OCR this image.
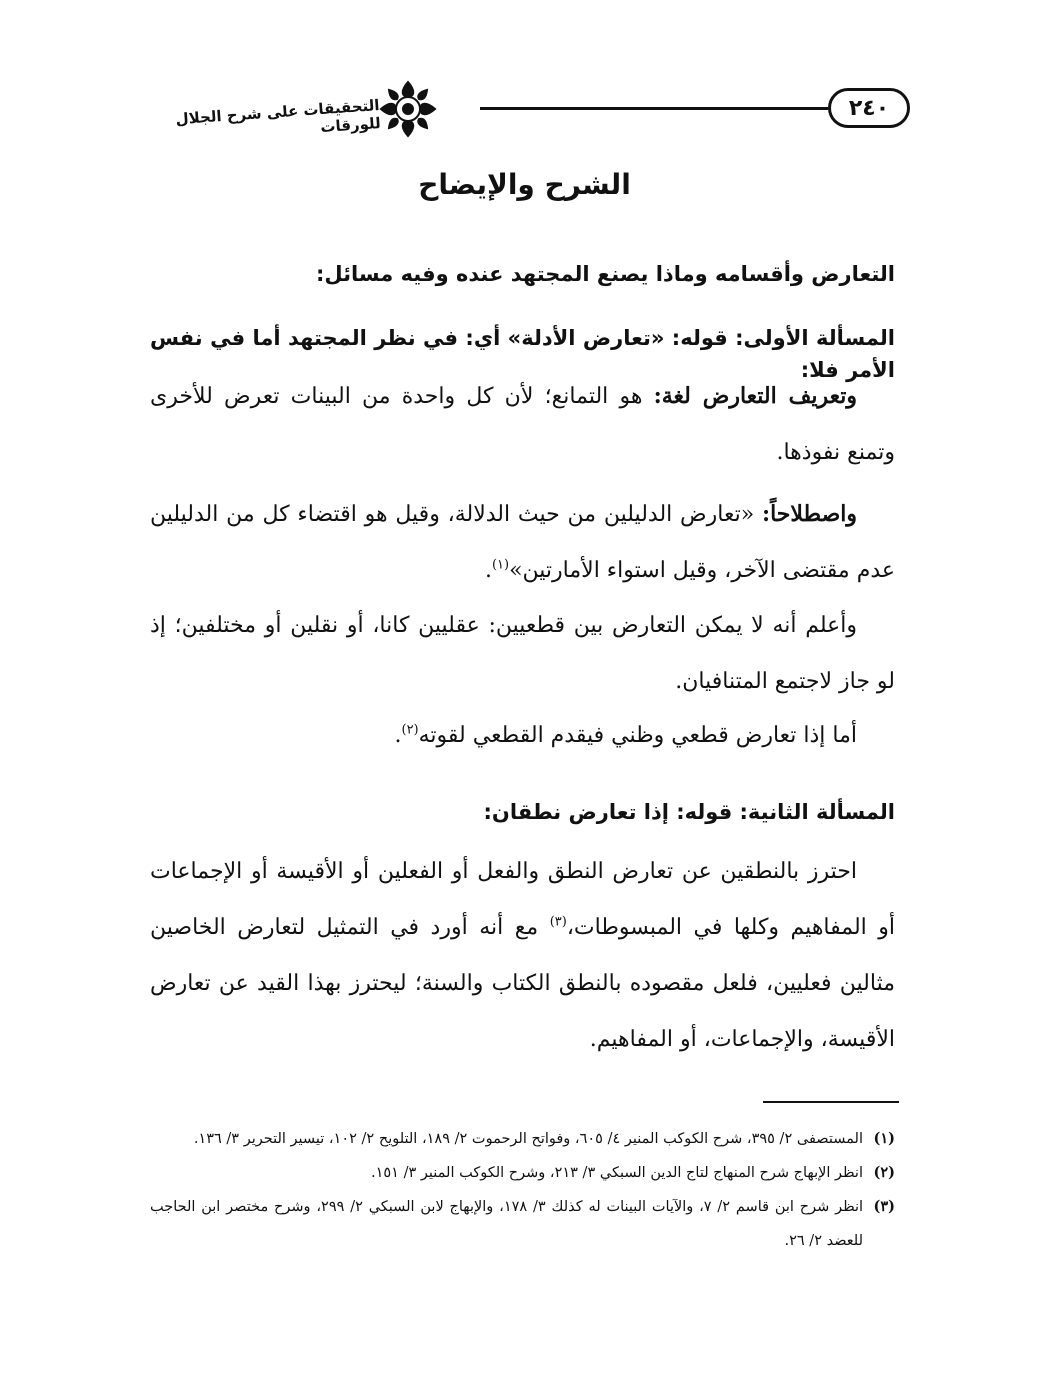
التحقيقات على شرح الجلال للورقات
٢٤٠
الشرح والإيضاح

التعارض وأقسامه وماذا يصنع المجتهد عنده وفيه مسائل:

المسألة الأولى: قوله: «تعارض الأدلة» أي: في نظر المجتهد أما في نفس الأمر فلا:

وتعريف التعارض لغة: هو التمانع؛ لأن كل واحدة من البينات تعرض للأخرى وتمنع نفوذها.

واصطلاحاً: «تعارض الدليلين من حيث الدلالة، وقيل هو اقتضاء كل من الدليلين عدم مقتضى الآخر، وقيل استواء الأمارتين»$^{(١)}$.

وأعلم أنه لا يمكن التعارض بين قطعيين: عقليين كانا، أو نقلين أو مختلفين؛ إذ لو جاز لاجتمع المتنافيان.

أما إذا تعارض قطعي وظني فيقدم القطعي لقوته$^{(٢)}$.

المسألة الثانية: قوله: إذا تعارض نطقان:

احترز بالنطقين عن تعارض النطق والفعل أو الفعلين أو الأقيسة أو الإجماعات أو المفاهيم وكلها في المبسوطات،$^{(٣)}$ مع أنه أورد في التمثيل لتعارض الخاصين مثالين فعليين، فلعل مقصوده بالنطق الكتاب والسنة؛ ليحترز بهذا القيد عن تعارض الأقيسة، والإجماعات، أو المفاهيم.

(١)
المستصفى ٢/ ٣٩٥، شرح الكوكب المنير ٤/ ٦٠٥، وفواتح الرحموت ٢/ ١٨٩، التلويح ٢/ ١٠٢، تيسير التحرير ٣/ ١٣٦.

(٢)
انظر الإبهاج شرح المنهاج لتاج الدين السبكي ٣/ ٢١٣، وشرح الكوكب المنير ٣/ ١٥١.

(٣)
انظر شرح ابن قاسم ٢/ ٧، والآيات البينات له كذلك ٣/ ١٧٨، والإبهاج لابن السبكي ٢/ ٢٩٩، وشرح مختصر ابن الحاجب للعضد ٢/ ٢٦.
